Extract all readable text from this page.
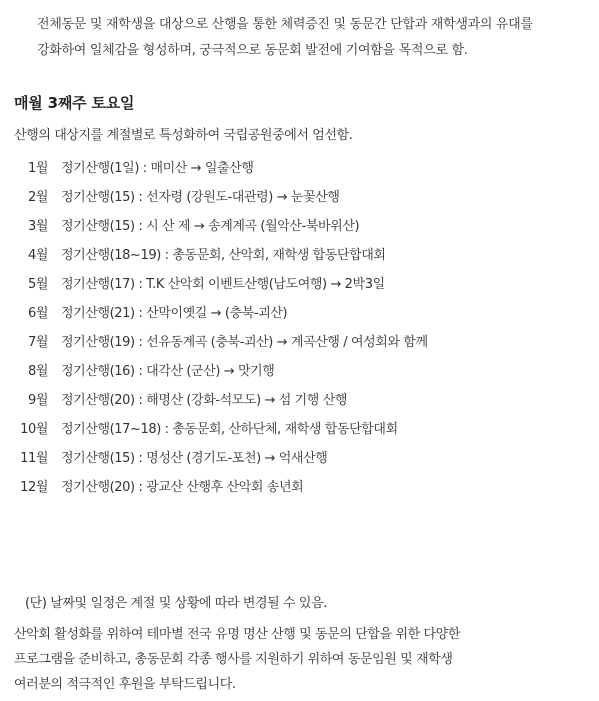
전체동문 및 재학생을 대상으로 산행을 통한 체력증진 및 동문간 단합과 재학생과의 유대를
강화하여 일체감을 형성하며, 궁극적으로 동문회 발전에 기여함을 목적으로 함.
매월 3째주 토요일
산행의 대상지를 계절별로 특성화하여 국립공원중에서 엄선함.
1월 정기산행(1일) : 매미산 → 일출산행
2월 정기산행(15) : 선자령 (강원도-대관령) → 눈꽃산행
3월 정기산행(15) : 시 산 제 → 송계계곡 (월악산-북바위산)
4월 정기산행(18~19) : 총동문회, 산악회, 재학생 합동단합대회
5월 정기산행(17) : T.K 산악회 이벤트산행(남도여행) → 2박3일
6월 정기산행(21) : 산막이옛길 → (충북-괴산)
7월 정기산행(19) : 선유동계곡 (충북-괴산) → 계곡산행 / 여성회와 함께
8월 정기산행(16) : 대각산 (군산) → 맛기행
9월 정기산행(20) : 해명산 (강화-석모도) → 섬 기행 산행
10월 정기산행(17~18) : 총동문회, 산하단체, 재학생 합동단합대회
11월 정기산행(15) : 명성산 (경기도-포천) → 억새산행
12월 정기산행(20) : 광교산 산행후 산악회 송년회
(단) 날짜및 일정은 계절 및 상황에 따라 변경될 수 있음.
산악회 활성화를 위하여 테마별 전국 유명 명산 산행 및 동문의 단합을 위한 다양한
프로그램을 준비하고, 총동문회 각종 행사를 지원하기 위하여 동문임원 및 재학생
여러분의 적극적인 후원을 부탁드립니다.
